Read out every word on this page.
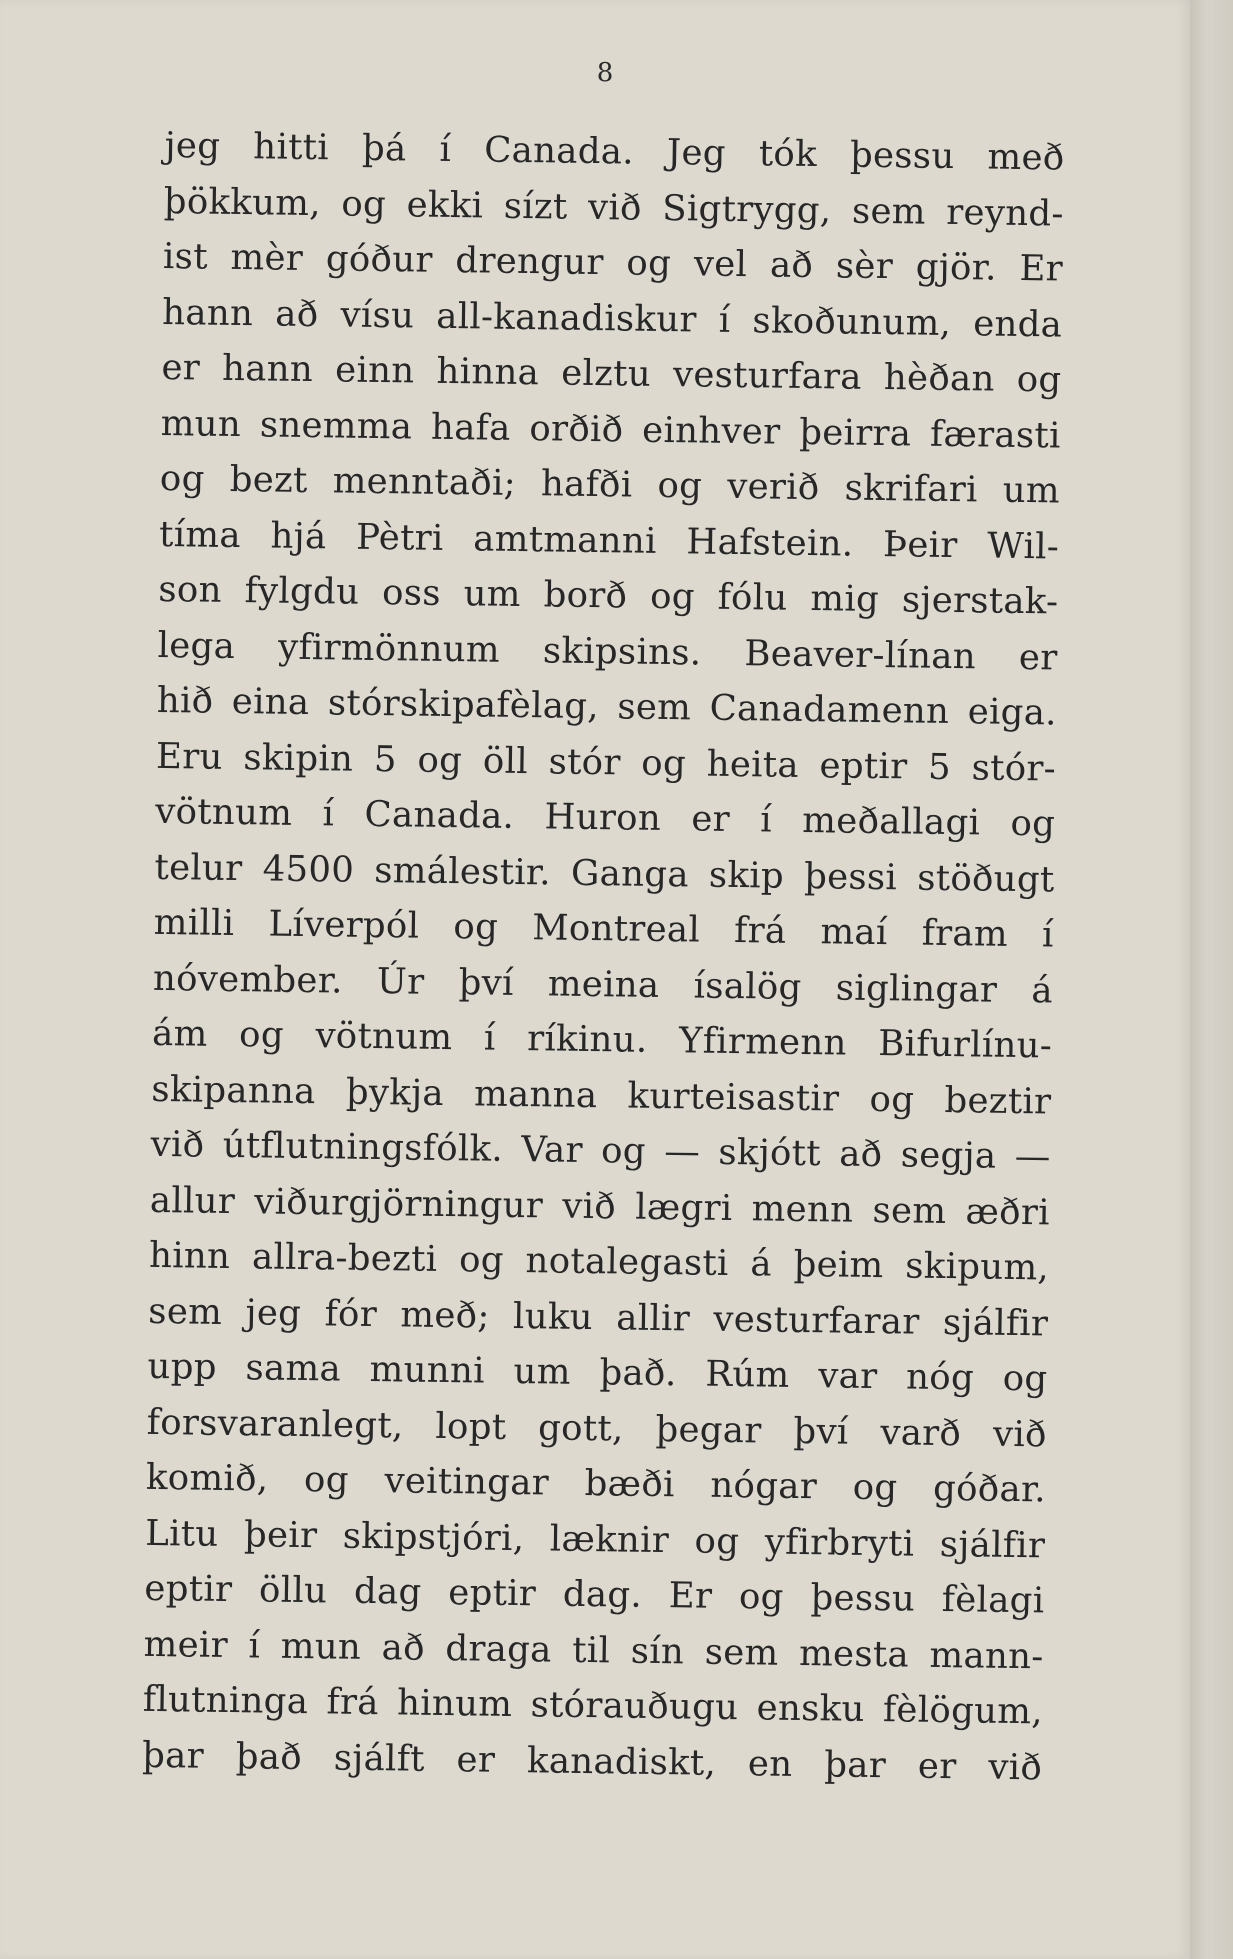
8
jeg hitti þá í Canada. Jeg tók þessu með
þökkum, og ekki sízt við Sigtrygg, sem reynd-
ist mèr góður drengur og vel að sèr gjör. Er
hann að vísu all-kanadiskur í skoðunum, enda
er hann einn hinna elztu vesturfara hèðan og
mun snemma hafa orðið einhver þeirra færasti
og bezt menntaði; hafði og verið skrifari um
tíma hjá Pètri amtmanni Hafstein. Þeir Wil-
son fylgdu oss um borð og fólu mig sjerstak-
lega yfirmönnum skipsins. Beaver-línan er
hið eina stórskipafèlag, sem Canadamenn eiga.
Eru skipin 5 og öll stór og heita eptir 5 stór-
vötnum í Canada. Huron er í meðallagi og
telur 4500 smálestir. Ganga skip þessi stöðugt
milli Líverpól og Montreal frá maí fram í
nóvember. Úr því meina ísalög siglingar á
ám og vötnum í ríkinu. Yfirmenn Bifurlínu-
skipanna þykja manna kurteisastir og beztir
við útflutningsfólk. Var og — skjótt að segja —
allur viðurgjörningur við lægri menn sem æðri
hinn allra-bezti og notalegasti á þeim skipum,
sem jeg fór með; luku allir vesturfarar sjálfir
upp sama munni um það. Rúm var nóg og
forsvaranlegt, lopt gott, þegar því varð við
komið, og veitingar bæði nógar og góðar.
Litu þeir skipstjóri, læknir og yfirbryti sjálfir
eptir öllu dag eptir dag. Er og þessu fèlagi
meir í mun að draga til sín sem mesta mann-
flutninga frá hinum stórauðugu ensku fèlögum,
þar það sjálft er kanadiskt, en þar er við
